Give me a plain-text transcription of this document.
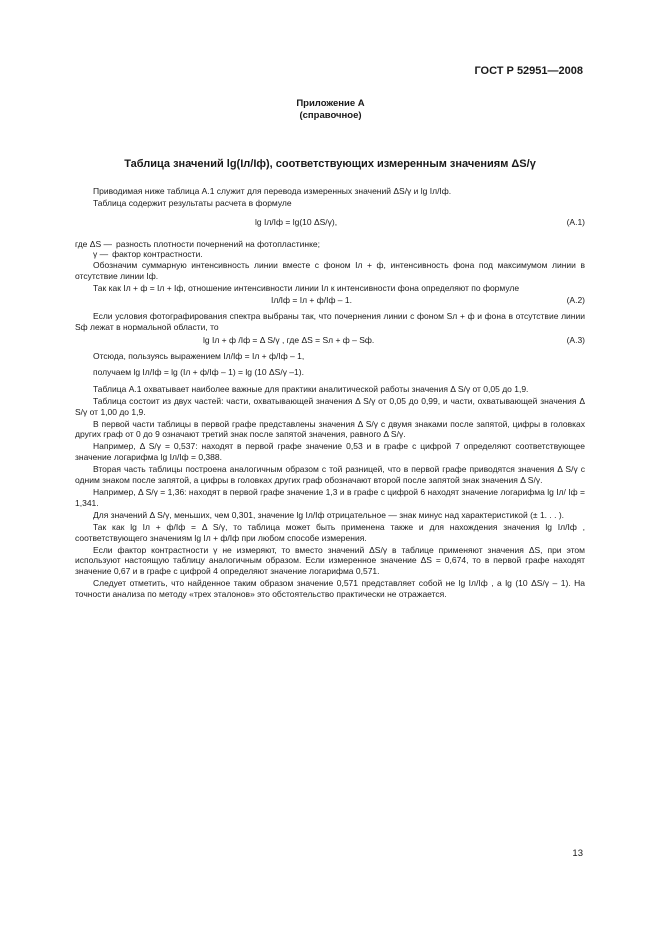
ГОСТ Р 52951—2008
Приложение А
(справочное)
Таблица значений lg(Iл/Iф), соответствующих измеренным значениям ΔS/γ

Приводимая ниже таблица А.1 служит для перевода измеренных значений ΔS/γ и lg Iл/Iф.

Таблица содержит результаты расчета в формуле

lg Iл/Iф = lg(10 ΔS/γ),	(А.1)
где ΔS — разность плотности почернений на фотопластинке;
γ — фактор контрастности.

Обозначим суммарную интенсивность линии вместе с фоном Iл + ф, интенсивность фона под максимумом линии в отсутствие линии Iф.

Так как Iл + ф = Iл + Iф, отношение интенсивности линии Iл к интенсивности фона определяют по формуле

Iл/Iф = Iл + ф/Iф – 1.	(А.2)

Если условия фотографирования спектра выбраны так, что почернения линии с фоном Sл + ф и фона в отсутствие линии Sф лежат в нормальной области, то

lg Iл + ф /Iф = Δ S/γ , где ΔS = Sл + ф – Sф.	(А.3)

Отсюда, пользуясь выражением Iл/Iф = Iл + ф/Iф – 1,

получаем lg Iл/Iф = lg (Iл + ф/Iф – 1) = lg (10 ΔS/γ –1).

Таблица А.1 охватывает наиболее важные для практики аналитической работы значения Δ S/γ от 0,05 до 1,9.

Таблица состоит из двух частей: части, охватывающей значения Δ S/γ от 0,05 до 0,99, и части, охватывающей значения Δ S/γ от 1,00 до 1,9.

В первой части таблицы в первой графе представлены значения Δ S/γ с двумя знаками после запятой, цифры в головках других граф от 0 до 9 означают третий знак после запятой значения, равного Δ S/γ.

Например, Δ S/γ = 0,537: находят в первой графе значение 0,53 и в графе с цифрой 7 определяют соответствующее значение логарифма lg Iл/Iф = 0,388.

Вторая часть таблицы построена аналогичным образом с той разницей, что в первой графе приводятся значения Δ S/γ с одним знаком после запятой, а цифры в головках других граф обозначают второй после запятой знак значения Δ S/γ.

Например, Δ S/γ = 1,36: находят в первой графе значение 1,3 и в графе с цифрой 6 находят значение логарифма lg Iл/ Iф = 1,341.

Для значений Δ S/γ, меньших, чем 0,301, значение lg Iл/Iф отрицательное — знак минус над характеристикой (± 1. . . ).

Так как lg Iл + ф/Iф = Δ S/γ, то таблица может быть применена также и для нахождения значения lg Iл/Iф , соответствующего значениям lg Iл + ф/Iф при любом способе измерения.

Если фактор контрастности γ не измеряют, то вместо значений ΔS/γ в таблице применяют значения ΔS, при этом используют настоящую таблицу аналогичным образом. Если измеренное значение ΔS = 0,674, то в первой графе находят значение 0,67 и в графе с цифрой 4 определяют значение логарифма 0,571.

Следует отметить, что найденное таким образом значение 0,571 представляет собой не lg Iл/Iф , а lg (10 ΔS/γ – 1). На точности анализа по методу «трех эталонов» это обстоятельство практически не отражается.

13
